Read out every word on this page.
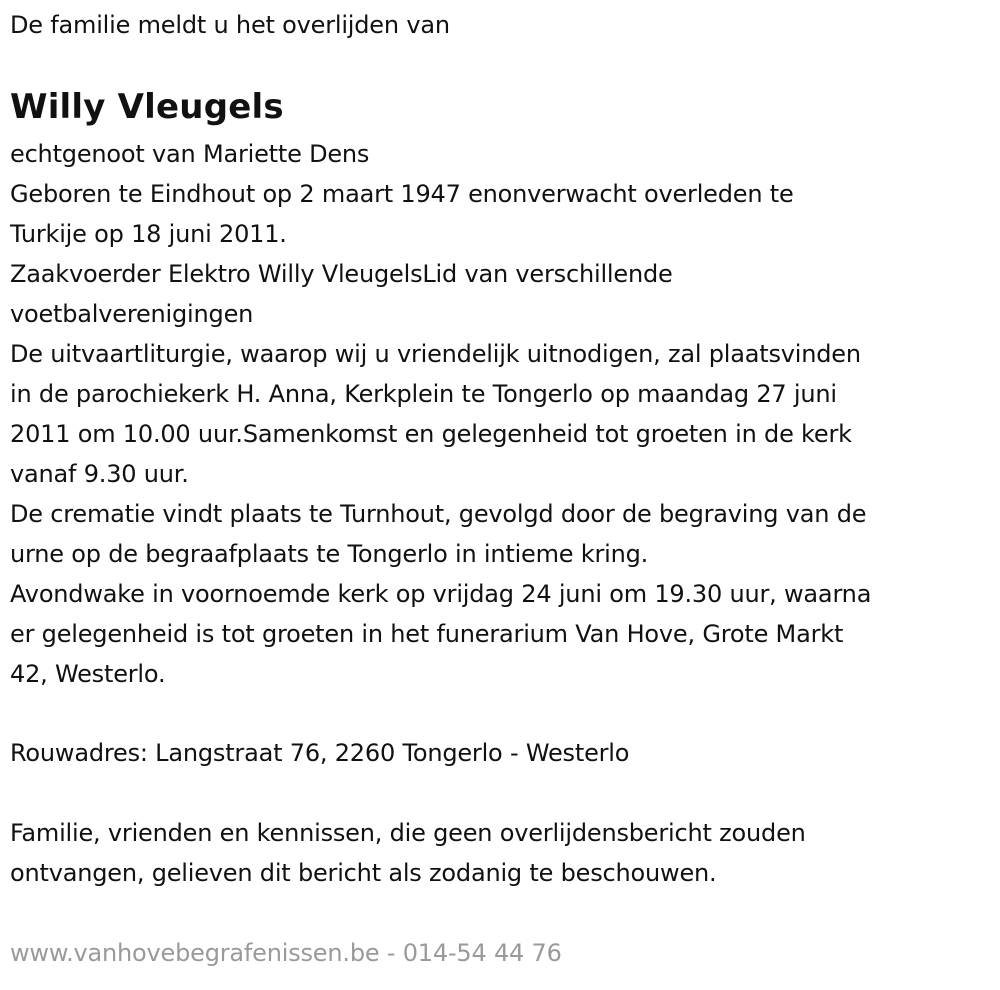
De familie meldt u het overlijden van
Willy Vleugels
echtgenoot van Mariette Dens
Geboren te Eindhout op 2 maart 1947 enonverwacht overleden te
Turkije op 18 juni 2011.
Zaakvoerder Elektro Willy VleugelsLid van verschillende
voetbalverenigingen
De uitvaartliturgie, waarop wij u vriendelijk uitnodigen, zal plaatsvinden
in de parochiekerk H. Anna, Kerkplein te Tongerlo op maandag 27 juni
2011 om 10.00 uur.Samenkomst en gelegenheid tot groeten in de kerk
vanaf 9.30 uur.
De crematie vindt plaats te Turnhout, gevolgd door de begraving van de
urne op de begraafplaats te Tongerlo in intieme kring.
Avondwake in voornoemde kerk op vrijdag 24 juni om 19.30 uur, waarna
er gelegenheid is tot groeten in het funerarium Van Hove, Grote Markt
42, Westerlo.
Rouwadres: Langstraat 76, 2260 Tongerlo - Westerlo
Familie, vrienden en kennissen, die geen overlijdensbericht zouden
ontvangen, gelieven dit bericht als zodanig te beschouwen.
www.vanhovebegrafenissen.be - 014-54 44 76
